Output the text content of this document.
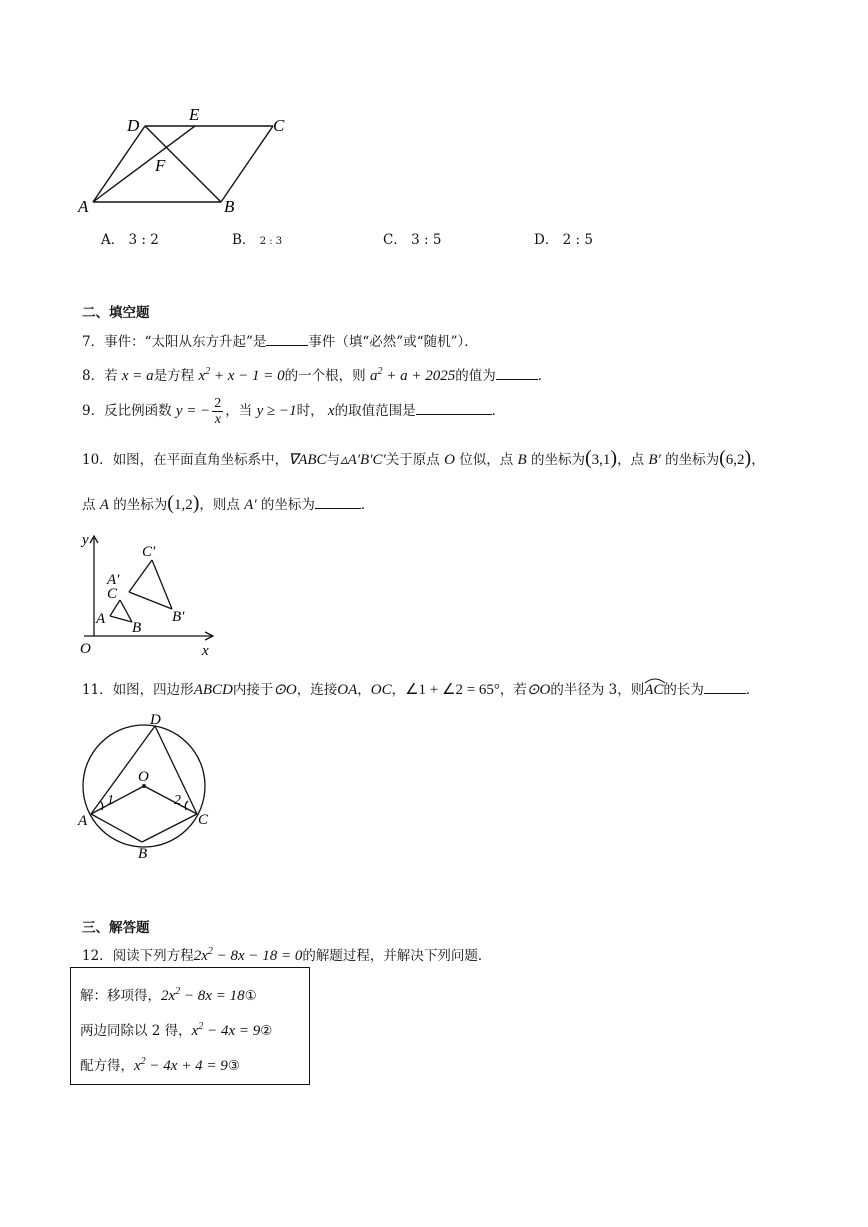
D
E
C
F
A	B
A． 3 : 2	B． 2 : 3	C． 3 : 5	D． 2 : 5
二、填空题
7．事件：“太阳从东方升起”是	事件（填“必然”或“随机”）．
8．若 x = a是方程 $x^2 + x - 1 = 0$的一个根，则 $a^2 + a + 2025$的值为	．
9．反比例函数 y = − $\frac{2}{x}$ ，当 y ≥ −1时， x的取值范围是	．
10．如图，在平面直角坐标系中，∇ABC与▵A′B′C′关于原点 O 位似，点 B 的坐标为(3,1)，点 B′ 的坐标为(6,2)，
点 A 的坐标为(1,2)，则点 A′ 的坐标为	．
y
x
O
C′
A′
B′
C
A
B
11．如图，四边形ABCD内接于⊙O，连接OA，OC，∠1 + ∠2 = 65°，若⊙O的半径为 3，则
AC的长为	．
D
O
1	2
A	C
B
三、解答题
12．阅读下列方程$2x^2 - 8x - 18 = 0$的解题过程，并解决下列问题．
解：移项得，$2x^2 - 8x$ = 18①
两边同除以 2 得，$x^2 - 4x$ = 9②
配方得，$x^2 - 4x + 4$ = 9③
